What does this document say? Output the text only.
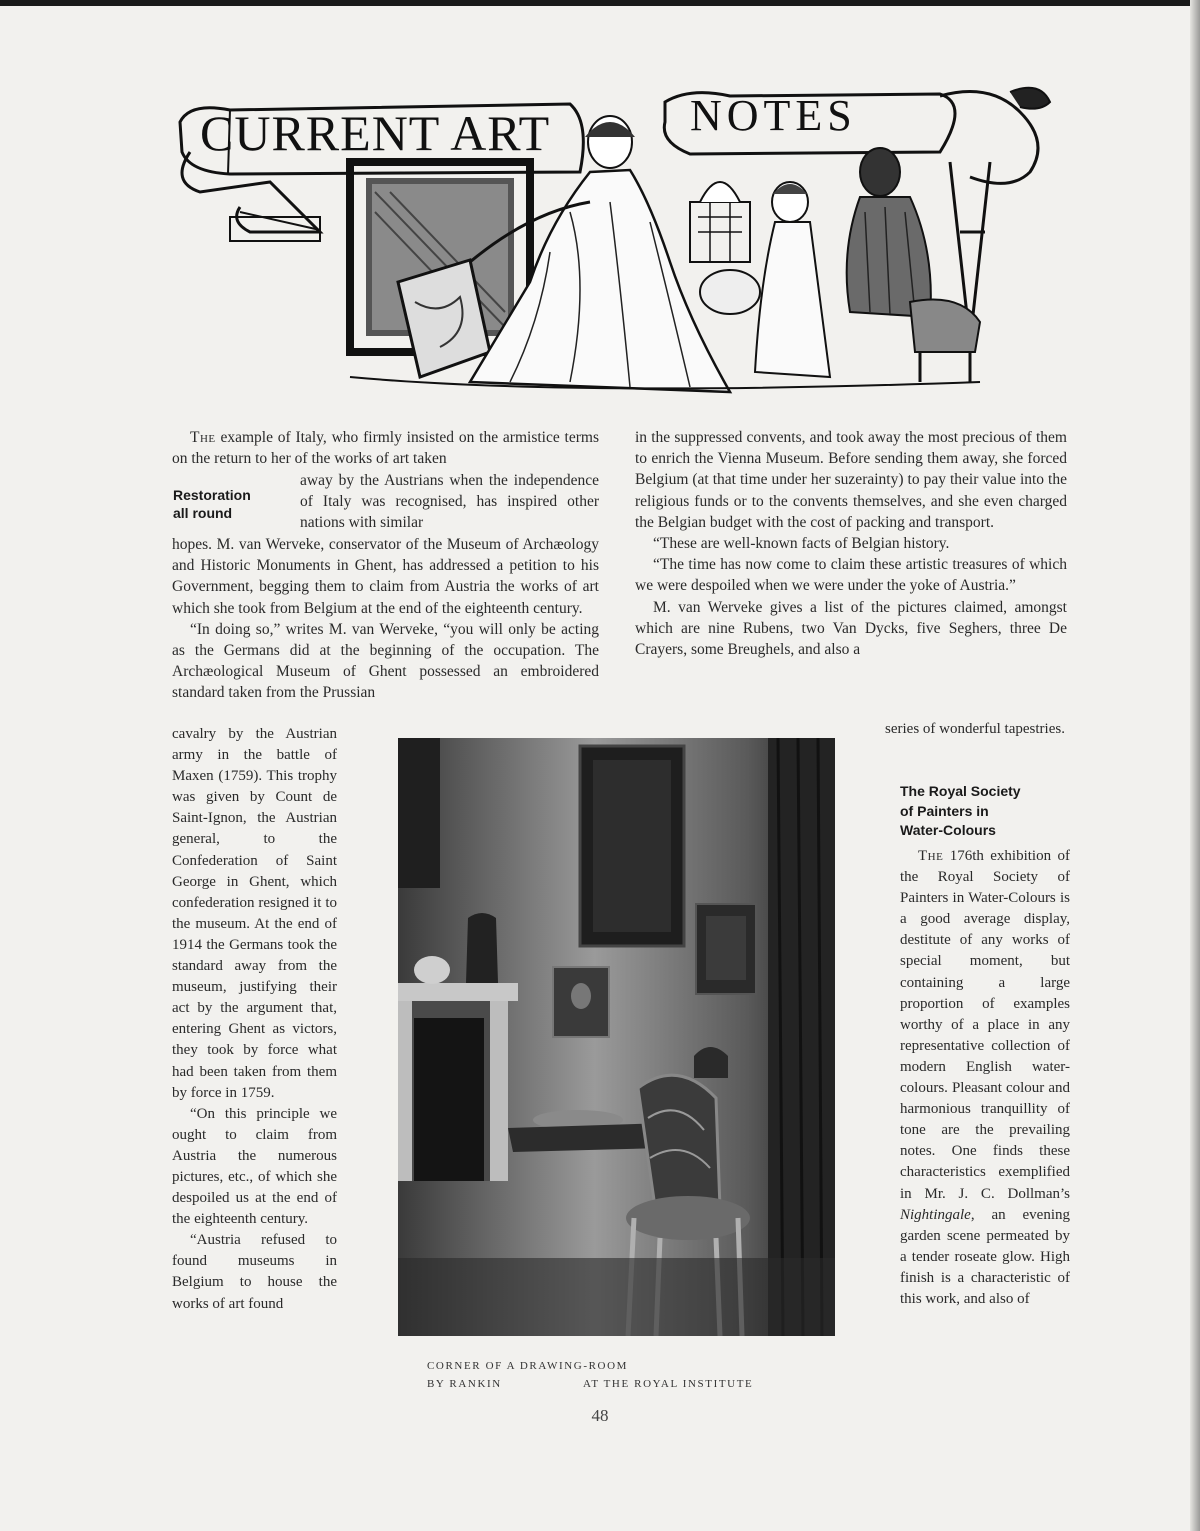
CURRENT ART	NOTES

The example of Italy, who firmly insisted on the armistice terms on the return to her of the works of art taken

Restoration
all round

away by the Austrians when the independence of Italy was recognised, has inspired other nations with similar

hopes. M. van Werveke, conservator of the Museum of Archæology and Historic Monuments in Ghent, has addressed a petition to his Government, begging them to claim from Austria the works of art which she took from Belgium at the end of the eighteenth century.

“In doing so,” writes M. van Werveke, “you will only be acting as the Germans did at the beginning of the occupation. The Archæological Museum of Ghent possessed an embroidered standard taken from the Prussian

cavalry by the Austrian army in the battle of Maxen (1759). This trophy was given by Count de Saint-Ignon, the Austrian general, to the Confederation of Saint George in Ghent, which confederation resigned it to the museum. At the end of 1914 the Germans took the standard away from the museum, justifying their act by the argument that, entering Ghent as victors, they took by force what had been taken from them by force in 1759.

“On this principle we ought to claim from Austria the numerous pictures, etc., of which she despoiled us at the end of the eighteenth century.

“Austria refused to found museums in Belgium to house the works of art found

in the suppressed convents, and took away the most precious of them to enrich the Vienna Museum. Before sending them away, she forced Belgium (at that time under her suzerainty) to pay their value into the religious funds or to the convents themselves, and she even charged the Belgian budget with the cost of packing and transport.

“These are well-known facts of Belgian history.

“The time has now come to claim these artistic treasures of which we were despoiled when we were under the yoke of Austria.”

M. van Werveke gives a list of the pictures claimed, amongst which are nine Rubens, two Van Dycks, five Seghers, three De Crayers, some Breughels, and also a

series of wonderful tapestries.

The Royal Society
of Painters in
Water-Colours

The 176th exhibition of the Royal Society of Painters in Water-Colours is a good average display, destitute of any works of special moment, but containing a large proportion of examples worthy of a place in any representative collection of modern English water-colours. Pleasant colour and harmonious tranquillity of tone are the prevailing notes. One finds these characteristics exemplified in Mr. J. C. Dollman’s Nightingale, an evening garden scene permeated by a tender roseate glow. High finish is a characteristic of this work, and also of

CORNER OF A DRAWING-ROOM
BY RANKIN	AT THE ROYAL INSTITUTE
48
